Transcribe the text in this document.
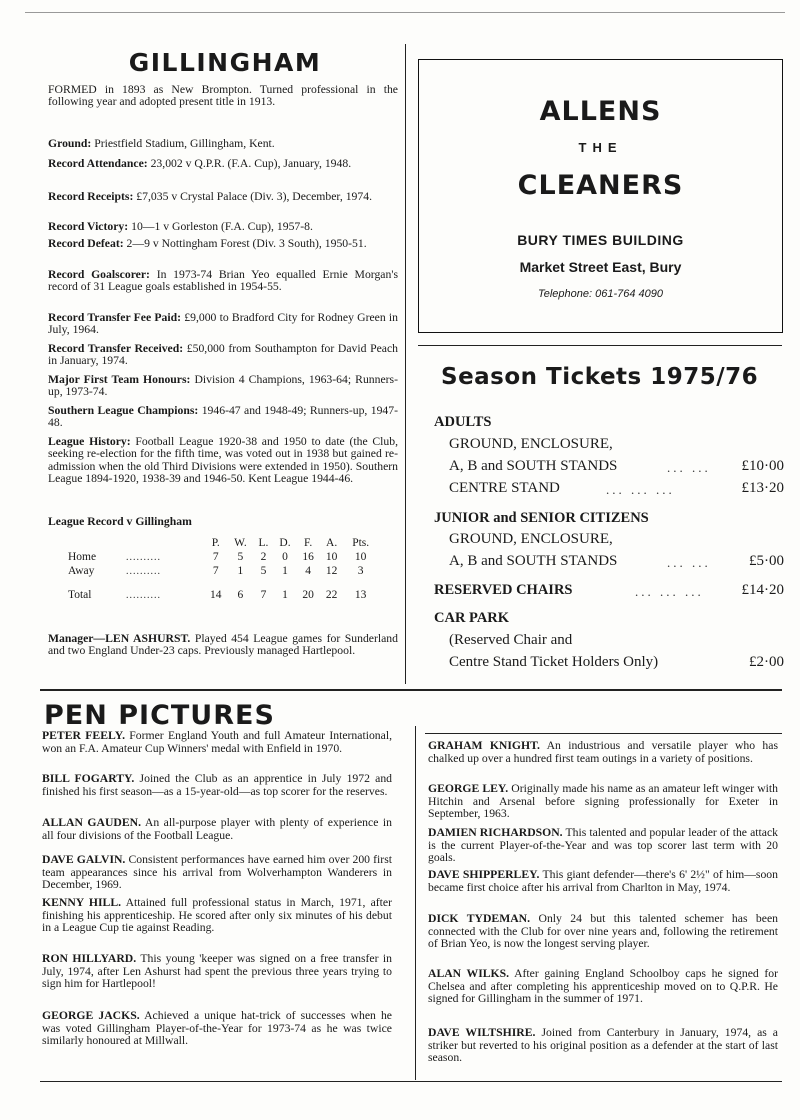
GILLINGHAM
FORMED in 1893 as New Brompton. Turned professional in the following year and adopted present title in 1913.
Ground: Priestfield Stadium, Gillingham, Kent.
Record Attendance: 23,002 v Q.P.R. (F.A. Cup), January, 1948.
Record Receipts: £7,035 v Crystal Palace (Div. 3), December, 1974.
Record Victory: 10—1 v Gorleston (F.A. Cup), 1957-8.
Record Defeat: 2—9 v Nottingham Forest (Div. 3 South), 1950-51.
Record Goalscorer: In 1973-74 Brian Yeo equalled Ernie Morgan's record of 31 League goals established in 1954-55.
Record Transfer Fee Paid: £9,000 to Bradford City for Rodney Green in July, 1964.
Record Transfer Received: £50,000 from Southampton for David Peach in January, 1974.
Major First Team Honours: Division 4 Champions, 1963-64; Runners-up, 1973-74.
Southern League Champions: 1946-47 and 1948-49; Runners-up, 1947-48.
League History: Football League 1920-38 and 1950 to date (the Club, seeking re-election for the fifth time, was voted out in 1938 but gained re-admission when the old Third Divisions were extended in 1950). Southern League 1894-1920, 1938-39 and 1946-50. Kent League 1944-46.
League Record v Gillingham
		P.	W.	L.	D.	F.	A.	Pts.
Home	..........	7	5	2	0	16	10	10
Away	..........	7	1	5	1	4	12	3

Total	..........	14	6	7	1	20	22	13
Manager—LEN ASHURST. Played 454 League games for Sunderland and two England Under-23 caps. Previously managed Hartlepool.
ALLENS
THE
CLEANERS
BURY TIMES BUILDING
Market Street East, Bury
Telephone: 061-764 4090
Season Tickets 1975/76
ADULTS
GROUND, ENCLOSURE,
A, B and SOUTH STANDS	... ...	£10·00
CENTRE STAND	... ... ...	£13·20
JUNIOR and SENIOR CITIZENS
GROUND, ENCLOSURE,
A, B and SOUTH STANDS	... ...	£5·00
RESERVED CHAIRS	... ... ...	£14·20
CAR PARK
(Reserved Chair and
Centre Stand Ticket Holders Only)	£2·00
PEN PICTURES
PETER FEELY. Former England Youth and full Amateur International, won an F.A. Amateur Cup Winners' medal with Enfield in 1970.
BILL FOGARTY. Joined the Club as an apprentice in July 1972 and finished his first season—as a 15-year-old—as top scorer for the reserves.
ALLAN GAUDEN. An all-purpose player with plenty of experience in all four divisions of the Football League.
DAVE GALVIN. Consistent performances have earned him over 200 first team appearances since his arrival from Wolverhampton Wanderers in December, 1969.
KENNY HILL. Attained full professional status in March, 1971, after finishing his apprenticeship. He scored after only six minutes of his debut in a League Cup tie against Reading.
RON HILLYARD. This young 'keeper was signed on a free transfer in July, 1974, after Len Ashurst had spent the previous three years trying to sign him for Hartlepool!
GEORGE JACKS. Achieved a unique hat-trick of successes when he was voted Gillingham Player-of-the-Year for 1973-74 as he was twice similarly honoured at Millwall.
GRAHAM KNIGHT. An industrious and versatile player who has chalked up over a hundred first team outings in a variety of positions.
GEORGE LEY. Originally made his name as an amateur left winger with Hitchin and Arsenal before signing professionally for Exeter in September, 1963.
DAMIEN RICHARDSON. This talented and popular leader of the attack is the current Player-of-the-Year and was top scorer last term with 20 goals.
DAVE SHIPPERLEY. This giant defender—there's 6' 2½" of him—soon became first choice after his arrival from Charlton in May, 1974.
DICK TYDEMAN. Only 24 but this talented schemer has been connected with the Club for over nine years and, following the retirement of Brian Yeo, is now the longest serving player.
ALAN WILKS. After gaining England Schoolboy caps he signed for Chelsea and after completing his apprenticeship moved on to Q.P.R. He signed for Gillingham in the summer of 1971.
DAVE WILTSHIRE. Joined from Canterbury in January, 1974, as a striker but reverted to his original position as a defender at the start of last season.
